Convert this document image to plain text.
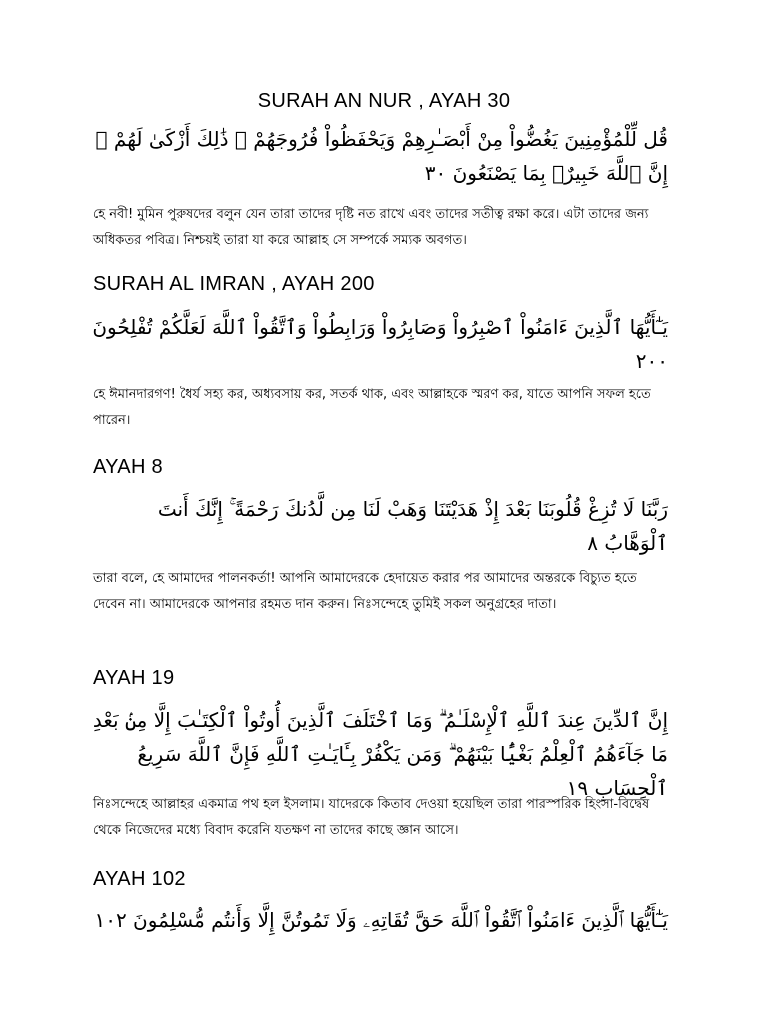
SURAH AN NUR , AYAH 30
قُل لِّلْمُؤْمِنِينَ يَغُضُّواْ مِنْ أَبْصَـٰرِهِمْ وَيَحْفَظُواْ فُرُوجَهُمْ ۚ ذَٰلِكَ أَزْكَىٰ لَهُمْ ۗ إِنَّ ٱللَّهَ خَبِيرٌۢ بِمَا يَصْنَعُونَ ٣٠
হে নবী! মুমিন পুরুষদের বলুন যেন তারা তাদের দৃষ্টি নত রাখে এবং তাদের সতীত্ব রক্ষা করে। এটা তাদের জন্য অধিকতর পবিত্র। নিশ্চয়ই তারা যা করে আল্লাহ সে সম্পর্কে সম্যক অবগত।
SURAH AL IMRAN , AYAH 200
يَـٰٓأَيُّهَا ٱلَّذِينَ ءَامَنُواْ ٱصْبِرُواْ وَصَابِرُواْ وَرَابِطُواْ وَٱتَّقُواْ ٱللَّهَ لَعَلَّكُمْ تُفْلِحُونَ ٢٠٠
হে ঈমানদারগণ! ধৈর্য সহ্য কর, অধ্যবসায় কর, সতর্ক থাক, এবং আল্লাহকে স্মরণ কর, যাতে আপনি সফল হতে পারেন।
AYAH 8
رَبَّنَا لَا تُزِغْ قُلُوبَنَا بَعْدَ إِذْ هَدَيْتَنَا وَهَبْ لَنَا مِن لَّدُنكَ رَحْمَةً ۚ إِنَّكَ أَنتَ ٱلْوَهَّابُ ٨
তারা বলে, হে আমাদের পালনকর্তা! আপনি আমাদেরকে হেদায়েত করার পর আমাদের অন্তরকে বিচ্যুত হতে দেবেন না। আমাদেরকে আপনার রহমত দান করুন। নিঃসন্দেহে তুমিই সকল অনুগ্রহের দাতা।
AYAH 19
إِنَّ ٱلدِّينَ عِندَ ٱللَّهِ ٱلْإِسْلَـٰمُ ۗ وَمَا ٱخْتَلَفَ ٱلَّذِينَ أُوتُواْ ٱلْكِتَـٰبَ إِلَّا مِنۢ بَعْدِ مَا جَآءَهُمُ ٱلْعِلْمُ بَغْيًۢا بَيْنَهُمْ ۗ وَمَن يَكْفُرْ بِـَٔايَـٰتِ ٱللَّهِ فَإِنَّ ٱللَّهَ سَرِيعُ ٱلْحِسَابِ ١٩
নিঃসন্দেহে আল্লাহর একমাত্র পথ হল ইসলাম। যাদেরকে কিতাব দেওয়া হয়েছিল তারা পারস্পরিক হিংসা-বিদ্বেষ থেকে নিজেদের মধ্যে বিবাদ করেনি যতক্ষণ না তাদের কাছে জ্ঞান আসে।
AYAH 102
يَـٰٓأَيُّهَا ٱلَّذِينَ ءَامَنُواْ ٱتَّقُواْ ٱللَّهَ حَقَّ تُقَاتِهِۦ وَلَا تَمُوتُنَّ إِلَّا وَأَنتُم مُّسْلِمُونَ ١٠٢
